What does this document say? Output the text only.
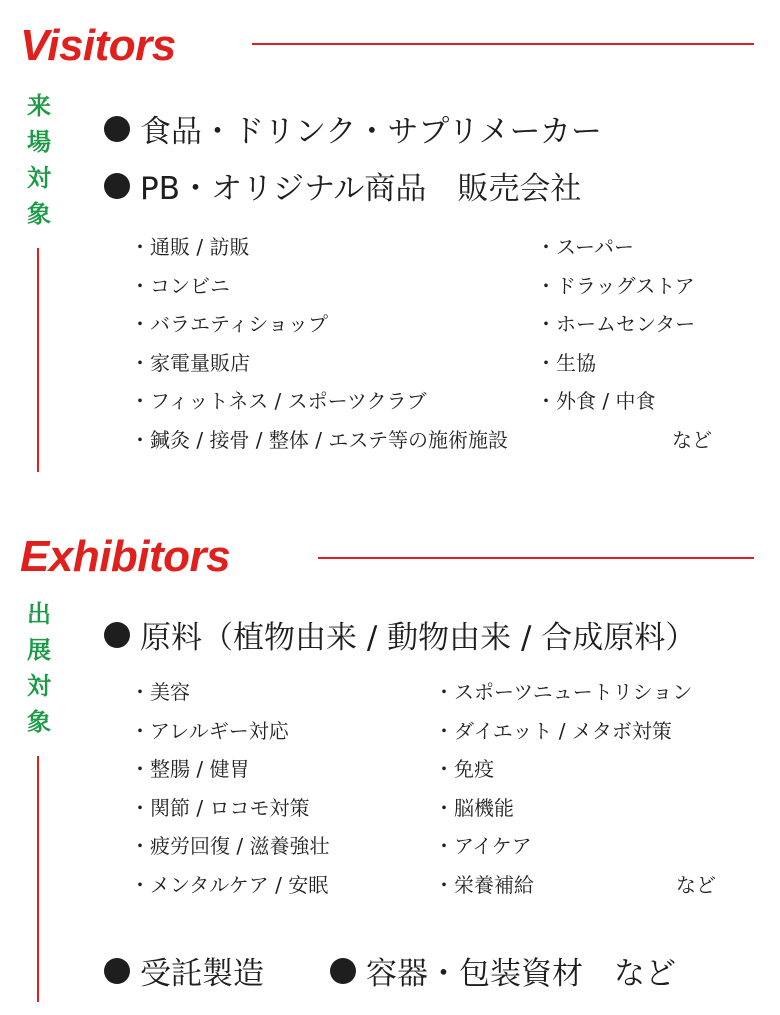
Visitors
来
場
対
象
食品・ドリンク・サプリメーカー
PB・オリジナル商品　販売会社
・ 通販 / 訪販
・ コンビニ
・ バラエティショップ
・ 家電量販店
・ フィットネス / スポーツクラブ
・ 鍼灸 / 接骨 / 整体 / エステ等の施術施設
・ スーパー
・ ドラッグストア
・ ホームセンター
・ 生協
・ 外食 / 中食
など
Exhibitors
出
展
対
象
原料（植物由来 / 動物由来 / 合成原料）
・ 美容
・ アレルギー対応
・ 整腸 / 健胃
・ 関節 / ロコモ対策
・ 疲労回復 / 滋養強壮
・ メンタルケア / 安眠
・ スポーツニュートリション
・ ダイエット / メタボ対策
・ 免疫
・ 脳機能
・ アイケア
・ 栄養補給	など
受託製造	容器・包装資材　など
